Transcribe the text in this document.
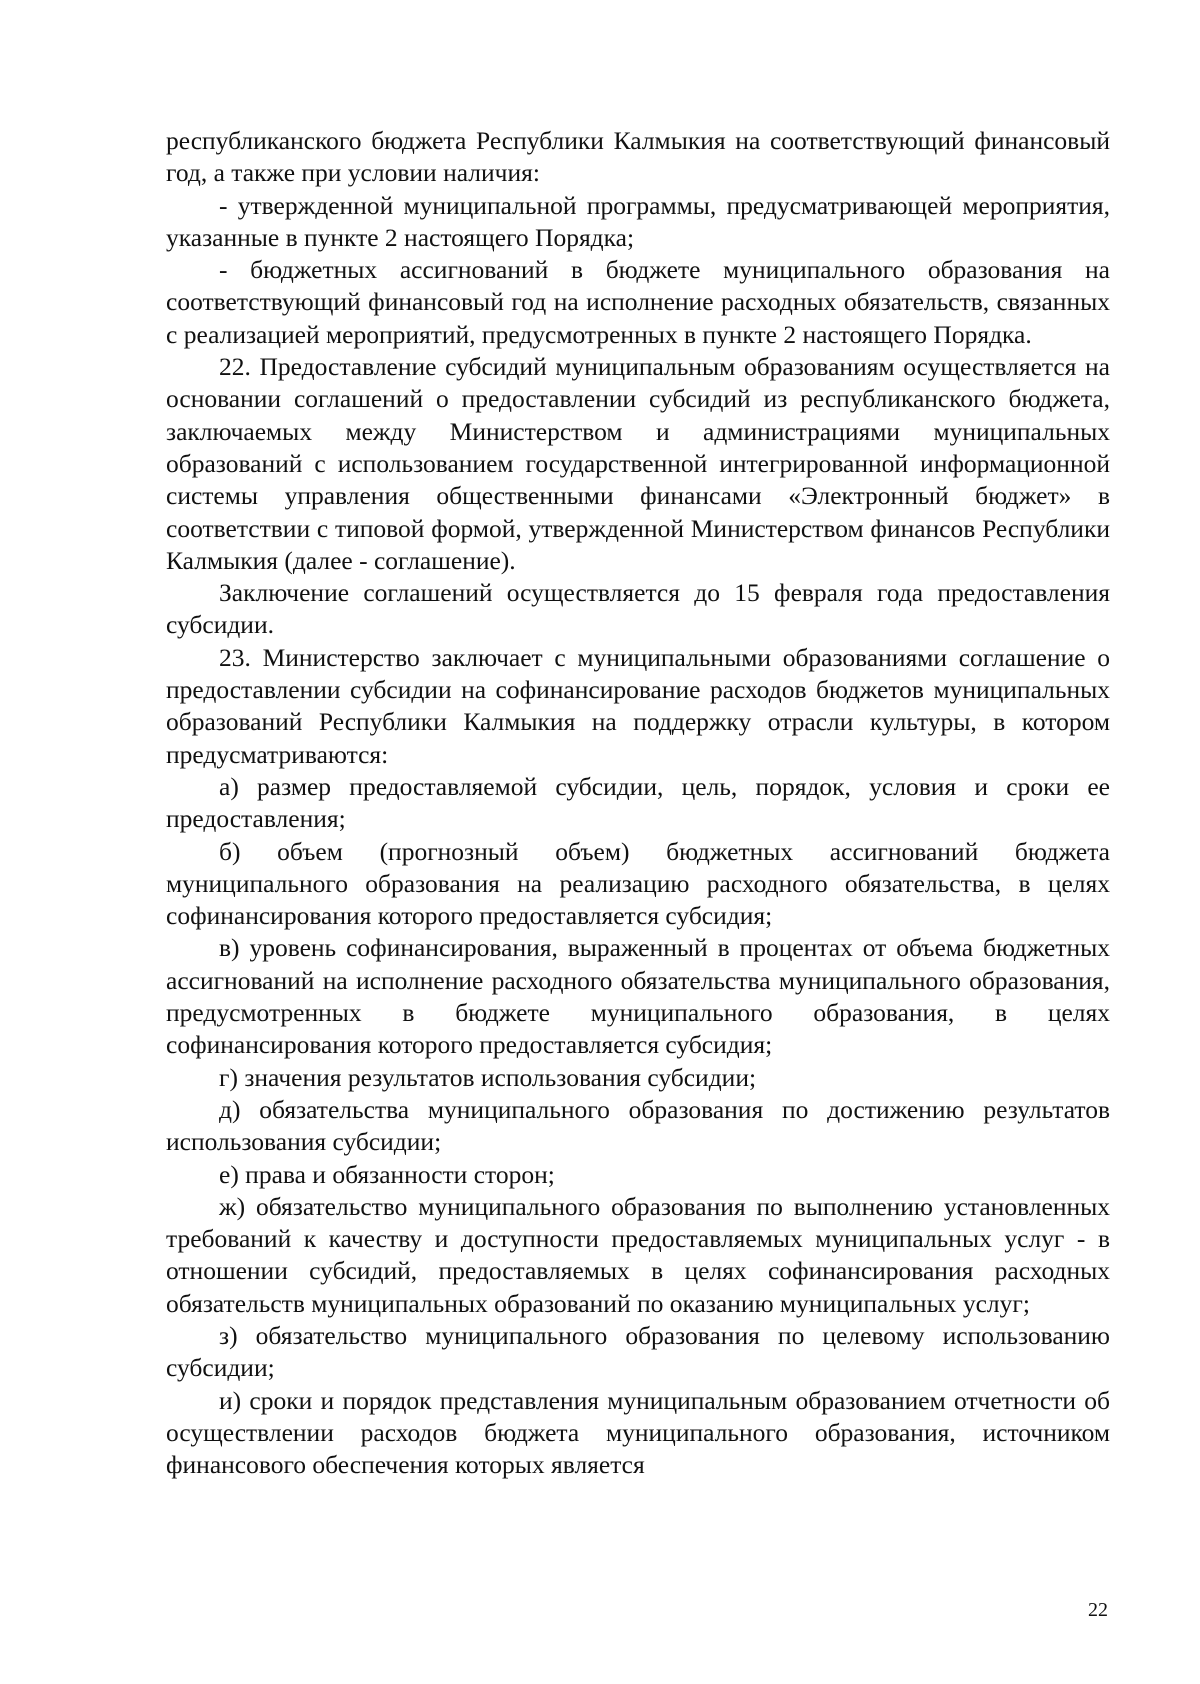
республиканского бюджета Республики Калмыкия на соответствующий финансовый год, а также при условии наличия:

- утвержденной муниципальной программы, предусматривающей мероприятия, указанные в пункте 2 настоящего Порядка;

- бюджетных ассигнований в бюджете муниципального образования на соответствующий финансовый год на исполнение расходных обязательств, связанных с реализацией мероприятий, предусмотренных в пункте 2 настоящего Порядка.

22. Предоставление субсидий муниципальным образованиям осуществляется на основании соглашений о предоставлении субсидий из республиканского бюджета, заключаемых между Министерством и администрациями муниципальных образований с использованием государственной интегрированной информационной системы управления общественными финансами «Электронный бюджет» в соответствии с типовой формой, утвержденной Министерством финансов Республики Калмыкия (далее - соглашение).

Заключение соглашений осуществляется до 15 февраля года предоставления субсидии.

23. Министерство заключает с муниципальными образованиями соглашение о предоставлении субсидии на софинансирование расходов бюджетов муниципальных образований Республики Калмыкия на поддержку отрасли культуры, в котором предусматриваются:

а) размер предоставляемой субсидии, цель, порядок, условия и сроки ее предоставления;

б) объем (прогнозный объем) бюджетных ассигнований бюджета муниципального образования на реализацию расходного обязательства, в целях софинансирования которого предоставляется субсидия;

в) уровень софинансирования, выраженный в процентах от объема бюджетных ассигнований на исполнение расходного обязательства муниципального образования, предусмотренных в бюджете муниципального образования, в целях софинансирования которого предоставляется субсидия;

г) значения результатов использования субсидии;

д) обязательства муниципального образования по достижению результатов использования субсидии;

е) права и обязанности сторон;

ж) обязательство муниципального образования по выполнению установленных требований к качеству и доступности предоставляемых муниципальных услуг - в отношении субсидий, предоставляемых в целях софинансирования расходных обязательств муниципальных образований по оказанию муниципальных услуг;

з) обязательство муниципального образования по целевому использованию субсидии;

и) сроки и порядок представления муниципальным образованием отчетности об осуществлении расходов бюджета муниципального образования, источником финансового обеспечения которых является

22
